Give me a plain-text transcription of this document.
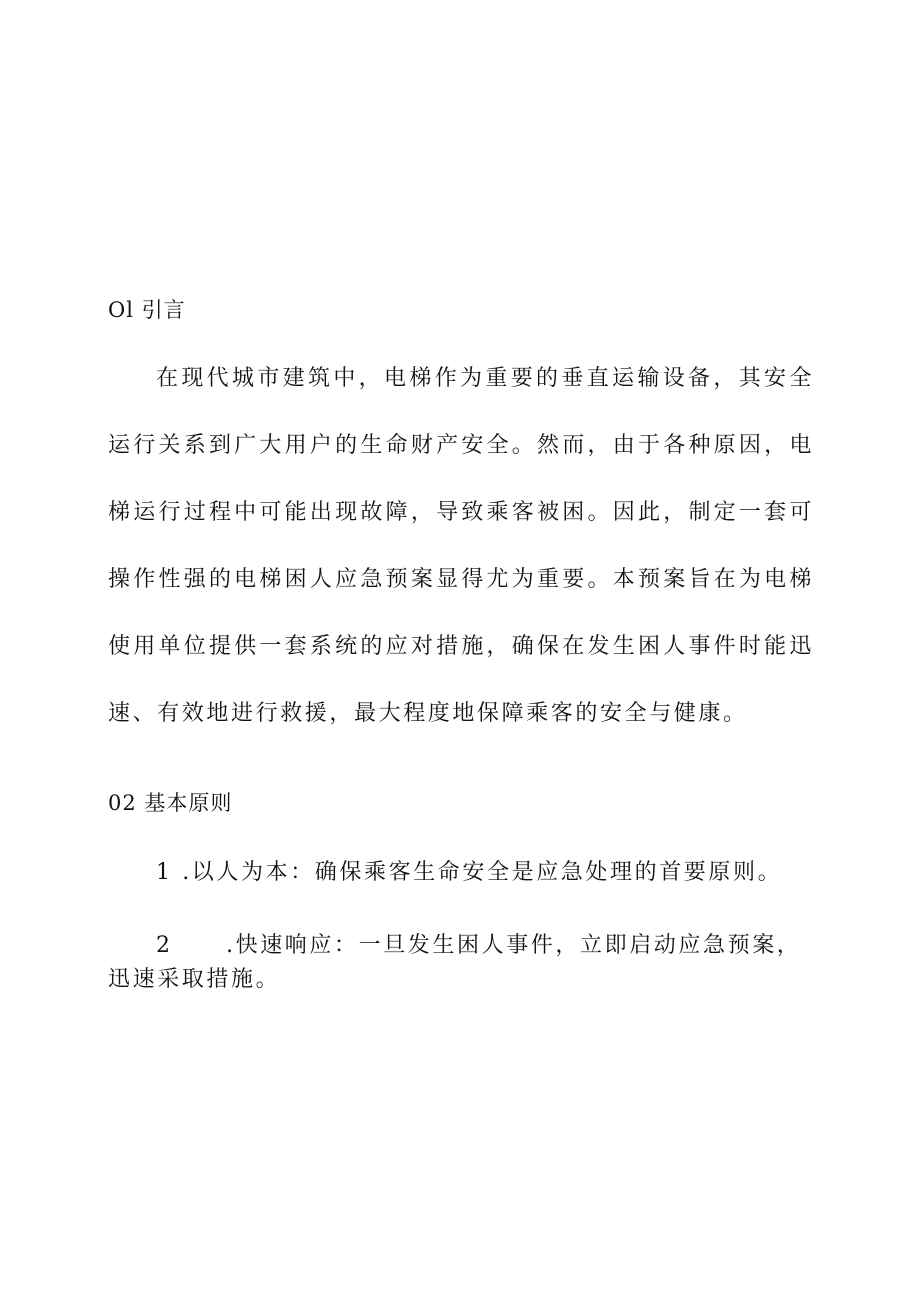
Ol 引言

在现代城市建筑中，电梯作为重要的垂直运输设备，其安全运行关系到广大用户的生命财产安全。然而，由于各种原因，电梯运行过程中可能出现故障，导致乘客被困。因此，制定一套可操作性强的电梯困人应急预案显得尤为重要。本预案旨在为电梯使用单位提供一套系统的应对措施，确保在发生困人事件时能迅速、有效地进行救援，最大程度地保障乘客的安全与健康。

02 基本原则

1 .以人为本：确保乘客生命安全是应急处理的首要原则。

2 .快速响应：一旦发生困人事件，立即启动应急预案，迅速采取措施。
